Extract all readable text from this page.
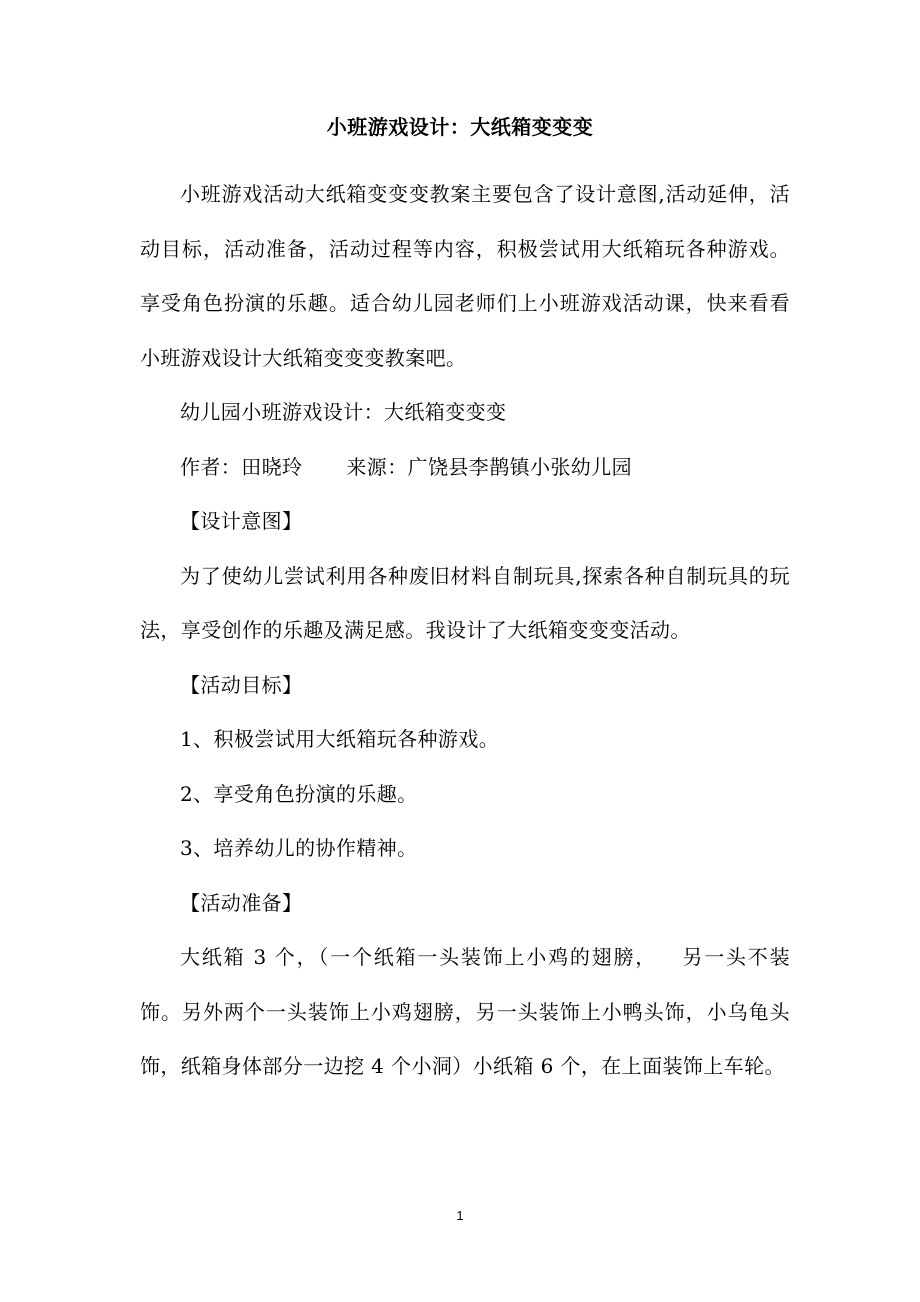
小班游戏设计：大纸箱变变变

小班游戏活动大纸箱变变变教案主要包含了设计意图,活动延伸，活动目标，活动准备，活动过程等内容，积极尝试用大纸箱玩各种游戏。享受角色扮演的乐趣。适合幼儿园老师们上小班游戏活动课，快来看看小班游戏设计大纸箱变变变教案吧。

幼儿园小班游戏设计：大纸箱变变变

作者：田晓玲 来源：广饶县李鹊镇小张幼儿园

【设计意图】

为了使幼儿尝试利用各种废旧材料自制玩具,探索各种自制玩具的玩法，享受创作的乐趣及满足感。我设计了大纸箱变变变活动。

【活动目标】

1、积极尝试用大纸箱玩各种游戏。

2、享受角色扮演的乐趣。

3、培养幼儿的协作精神。

【活动准备】

大纸箱 3 个，（一个纸箱一头装饰上小鸡的翅膀， 另一头不装饰。另外两个一头装饰上小鸡翅膀，另一头装饰上小鸭头饰，小乌龟头饰，纸箱身体部分一边挖 4 个小洞）小纸箱 6 个，在上面装饰上车轮。

1
